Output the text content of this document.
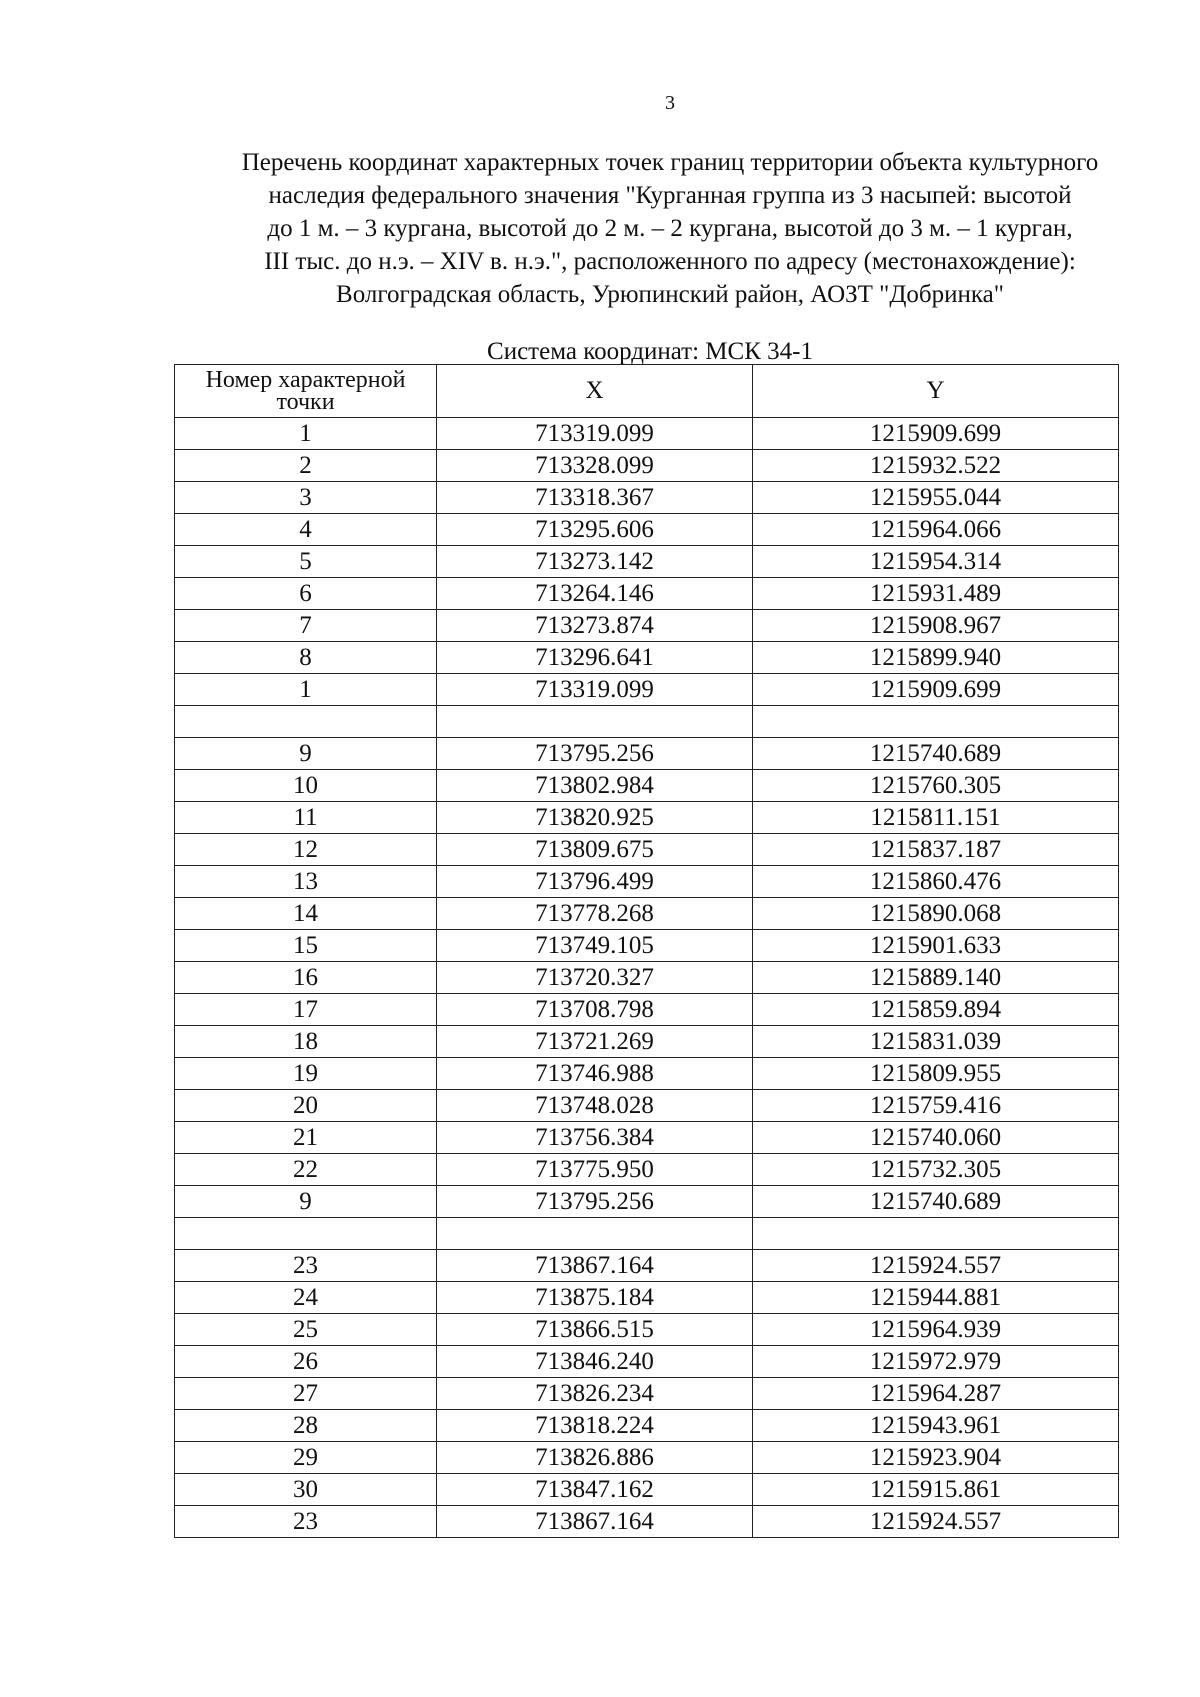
3
Перечень координат характерных точек границ территории объекта культурного
наследия федерального значения "Курганная группа из 3 насыпей: высотой
до 1 м. – 3 кургана, высотой до 2 м. – 2 кургана, высотой до 3 м. – 1 курган,
III тыс. до н.э. – XIV в. н.э.", расположенного по адресу (местонахождение):
Волгоградская область, Урюпинский район, АОЗТ "Добринка"
Система координат: МСК 34-1
Номер характерной точки	X	Y
1	713319.099	1215909.699
2	713328.099	1215932.522
3	713318.367	1215955.044
4	713295.606	1215964.066
5	713273.142	1215954.314
6	713264.146	1215931.489
7	713273.874	1215908.967
8	713296.641	1215899.940
1	713319.099	1215909.699

9	713795.256	1215740.689
10	713802.984	1215760.305
11	713820.925	1215811.151
12	713809.675	1215837.187
13	713796.499	1215860.476
14	713778.268	1215890.068
15	713749.105	1215901.633
16	713720.327	1215889.140
17	713708.798	1215859.894
18	713721.269	1215831.039
19	713746.988	1215809.955
20	713748.028	1215759.416
21	713756.384	1215740.060
22	713775.950	1215732.305
9	713795.256	1215740.689

23	713867.164	1215924.557
24	713875.184	1215944.881
25	713866.515	1215964.939
26	713846.240	1215972.979
27	713826.234	1215964.287
28	713818.224	1215943.961
29	713826.886	1215923.904
30	713847.162	1215915.861
23	713867.164	1215924.557
